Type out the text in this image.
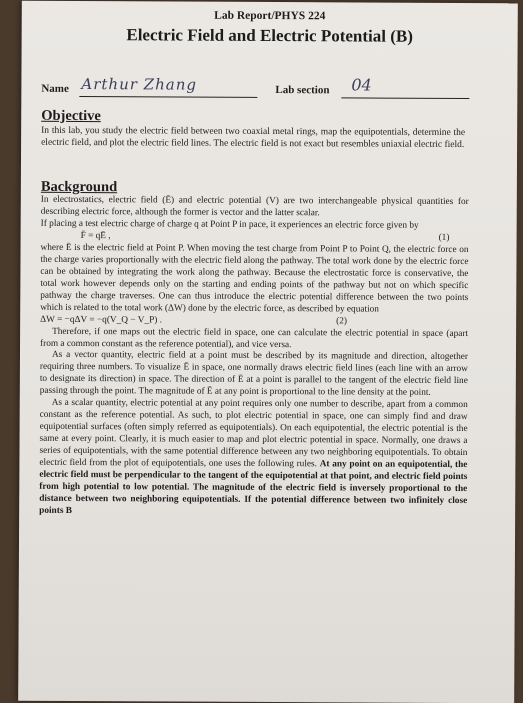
Lab Report/PHYS 224
Electric Field and Electric Potential (B)
Name Arthur Zhang	Lab section 04
Objective

In this lab, you study the electric field between two coaxial metal rings, map the equipotentials, determine the electric field, and plot the electric field lines. The electric field is not exact but resembles uniaxial electric field.

Background

In electrostatics, electric field (Ē) and electric potential (V) are two interchangeable physical quantities for describing electric force, although the former is vector and the latter scalar.

If placing a test electric charge of charge q at Point P in pace, it experiences an electric force given by

F̄ = qĒ ,	(1)

where Ē is the electric field at Point P. When moving the test charge from Point P to Point Q, the electric force on the charge varies proportionally with the electric field along the pathway. The total work done by the electric force can be obtained by integrating the work along the pathway. Because the electrostatic force is conservative, the total work however depends only on the starting and ending points of the pathway but not on which specific pathway the charge traverses. One can thus introduce the electric potential difference between the two points which is related to the total work (ΔW) done by the electric force, as described by equation

ΔW = −qΔV = −q(V_Q − V_P) .	(2)

Therefore, if one maps out the electric field in space, one can calculate the electric potential in space (apart from a common constant as the reference potential), and vice versa.

As a vector quantity, electric field at a point must be described by its magnitude and direction, altogether requiring three numbers. To visualize Ē in space, one normally draws electric field lines (each line with an arrow to designate its direction) in space. The direction of Ē at a point is parallel to the tangent of the electric field line passing through the point. The magnitude of Ē at any point is proportional to the line density at the point.

As a scalar quantity, electric potential at any point requires only one number to describe, apart from a common constant as the reference potential. As such, to plot electric potential in space, one can simply find and draw equipotential surfaces (often simply referred as equipotentials). On each equipotential, the electric potential is the same at every point. Clearly, it is much easier to map and plot electric potential in space. Normally, one draws a series of equipotentials, with the same potential difference between any two neighboring equipotentials. To obtain electric field from the plot of equipotentials, one uses the following rules. At any point on an equipotential, the electric field must be perpendicular to the tangent of the equipotential at that point, and electric field points from high potential to low potential. The magnitude of the electric field is inversely proportional to the distance between two neighboring equipotentials. If the potential difference between two infinitely close points B
